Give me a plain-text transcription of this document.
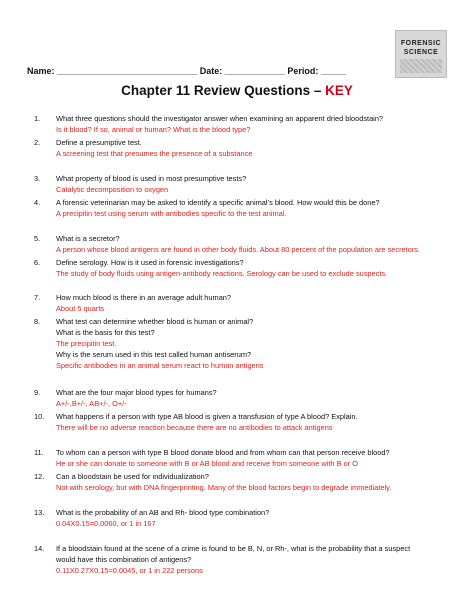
FORENSIC
SCIENCE
Name: ____________________________ Date: ____________ Period: _____
Chapter 11 Review Questions – KEY
1. What three questions should the investigator answer when examining an apparent dried bloodstain?
Is it blood? If so, animal or human? What is the blood type?
2. Define a presumptive test.
A screening test that presumes the presence of a substance
3. What property of blood is used in most presumptive tests?
Catalytic decomposition to oxygen
4. A forensic veterinarian may be asked to identify a specific animal’s blood. How would this be done?
A precipitin test using serum with antibodies specific to the test animal.
5. What is a secretor?
A person whose blood antigens are found in other body fluids. About 80 percent of the population are secretors.
6. Define serology. How is it used in forensic investigations?
The study of body fluids using antigen-antibody reactions. Serology can be used to exclude suspects.
7. How much blood is there in an average adult human?
About 5 quarts
8. What test can determine whether blood is human or animal?
What is the basis for this test?
The precipitin test.
Why is the serum used in this test called human antiserum?
Specific antibodies in an animal serum react to human antigens
9. What are the four major blood types for humans?
A+/-,B+/-, AB+/-, O+/-
10. What happens if a person with type AB blood is given a transfusion of type A blood? Explain.
There will be no adverse reaction because there are no antibodies to attack antigens
11. To whom can a person with type B blood donate blood and from whom can that person receive blood?
He or she can donate to someone with B or AB blood and receive from someone with B or O
12. Can a bloodstain be used for individualization?
Not with serology, but with DNA fingerprinting. Many of the blood factors begin to degrade immediately.
13. What is the probability of an AB and Rh- blood type combination?
0.04X0.15=0.0060, or 1 in 167
14. If a bloodstain found at the scene of a crime is found to be B, N, or Rh-, what is the probability that a suspect
would have this combination of antigens?
0.11X0.27X0.15=0.0045, or 1 in 222 persons
